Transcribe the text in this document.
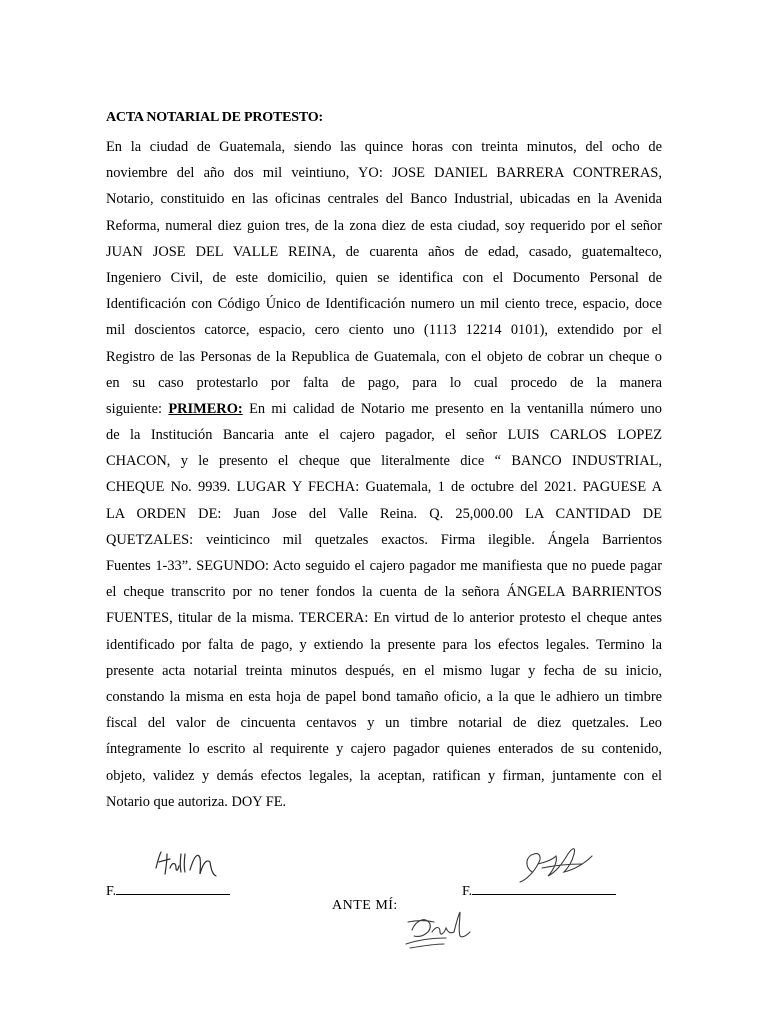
ACTA NOTARIAL DE PROTESTO:
En la ciudad de Guatemala, siendo las quince horas con treinta minutos, del ocho de
noviembre del año dos mil veintiuno, YO: JOSE DANIEL BARRERA CONTRERAS,
Notario, constituido en las oficinas centrales del Banco Industrial, ubicadas en la Avenida
Reforma, numeral diez guion tres, de la zona diez de esta ciudad, soy requerido por el señor
JUAN JOSE DEL VALLE REINA, de cuarenta años de edad, casado, guatemalteco,
Ingeniero Civil, de este domicilio, quien se identifica con el Documento Personal de
Identificación con Código Único de Identificación numero un mil ciento trece, espacio, doce
mil doscientos catorce, espacio, cero ciento uno (1113 12214 0101), extendido por el
Registro de las Personas de la Republica de Guatemala, con el objeto de cobrar un cheque o
en su caso protestarlo por falta de pago, para lo cual procedo de la manera
siguiente: PRIMERO: En mi calidad de Notario me presento en la ventanilla número uno
de la Institución Bancaria ante el cajero pagador, el señor LUIS CARLOS LOPEZ
CHACON, y le presento el cheque que literalmente dice “ BANCO INDUSTRIAL,
CHEQUE No. 9939. LUGAR Y FECHA: Guatemala, 1 de octubre del 2021. PAGUESE A
LA ORDEN DE: Juan Jose del Valle Reina. Q. 25,000.00 LA CANTIDAD DE
QUETZALES: veinticinco mil quetzales exactos. Firma ilegible. Ángela Barrientos
Fuentes 1-33”. SEGUNDO: Acto seguido el cajero pagador me manifiesta que no puede pagar
el cheque transcrito por no tener fondos la cuenta de la señora ÁNGELA BARRIENTOS
FUENTES, titular de la misma. TERCERA: En virtud de lo anterior protesto el cheque antes
identificado por falta de pago, y extiendo la presente para los efectos legales. Termino la
presente acta notarial treinta minutos después, en el mismo lugar y fecha de su inicio,
constando la misma en esta hoja de papel bond tamaño oficio, a la que le adhiero un timbre
fiscal del valor de cincuenta centavos y un timbre notarial de diez quetzales. Leo
íntegramente lo escrito al requirente y cajero pagador quienes enterados de su contenido,
objeto, validez y demás efectos legales, la aceptan, ratifican y firman, juntamente con el
Notario que autoriza. DOY FE.
F.	F.
ANTE MÍ:
